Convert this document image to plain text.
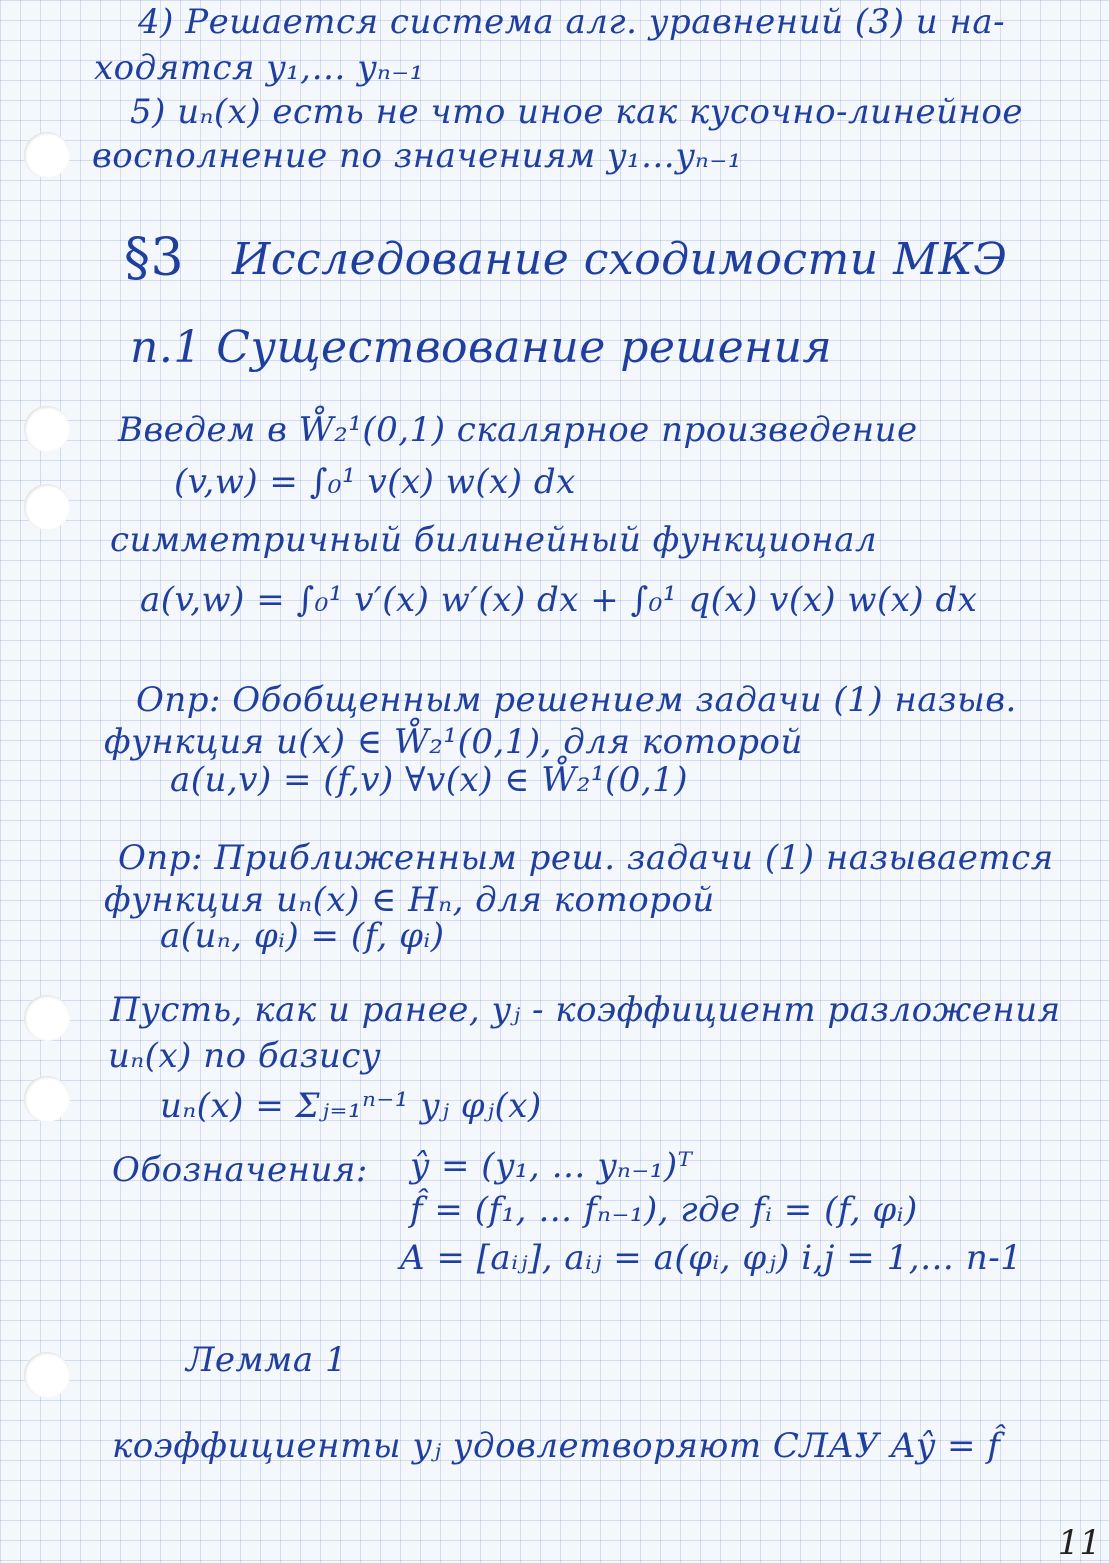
4) Решается система алг. уравнений (3) и на-
ходятся y₁,… yₙ₋₁
5) uₙ(x) есть не что иное как кусочно-линейное
восполнение по значениям y₁…yₙ₋₁
§3 Исследование сходимости МКЭ
п.1 Существование решения
Введем в W̊₂¹(0,1) скалярное произведение
(v,w) = ∫₀¹ v(x) w(x) dx
симметричный билинейный функционал
a(v,w) = ∫₀¹ v′(x) w′(x) dx + ∫₀¹ q(x) v(x) w(x) dx
Опр: Обобщенным решением задачи (1) назыв.
функция u(x) ∈ W̊₂¹(0,1), для которой
a(u,v) = (f,v) ∀v(x) ∈ W̊₂¹(0,1)
Опр: Приближенным реш. задачи (1) называется
функция uₙ(x) ∈ Hₙ, для которой
a(uₙ, φᵢ) = (f, φᵢ)
Пусть, как и ранее, yⱼ - коэффициент разложения
uₙ(x) по базису
uₙ(x) = Σⱼ₌₁ⁿ⁻¹ yⱼ φⱼ(x)
Обозначения: ŷ = (y₁, … yₙ₋₁)ᵀ
f̂ = (f₁, … fₙ₋₁), где fᵢ = (f, φᵢ)
A = [aᵢⱼ], aᵢⱼ = a(φᵢ, φⱼ) i,j = 1,… n-1
Лемма 1
коэффициенты yⱼ удовлетворяют СЛАУ Aŷ = f̂
11
